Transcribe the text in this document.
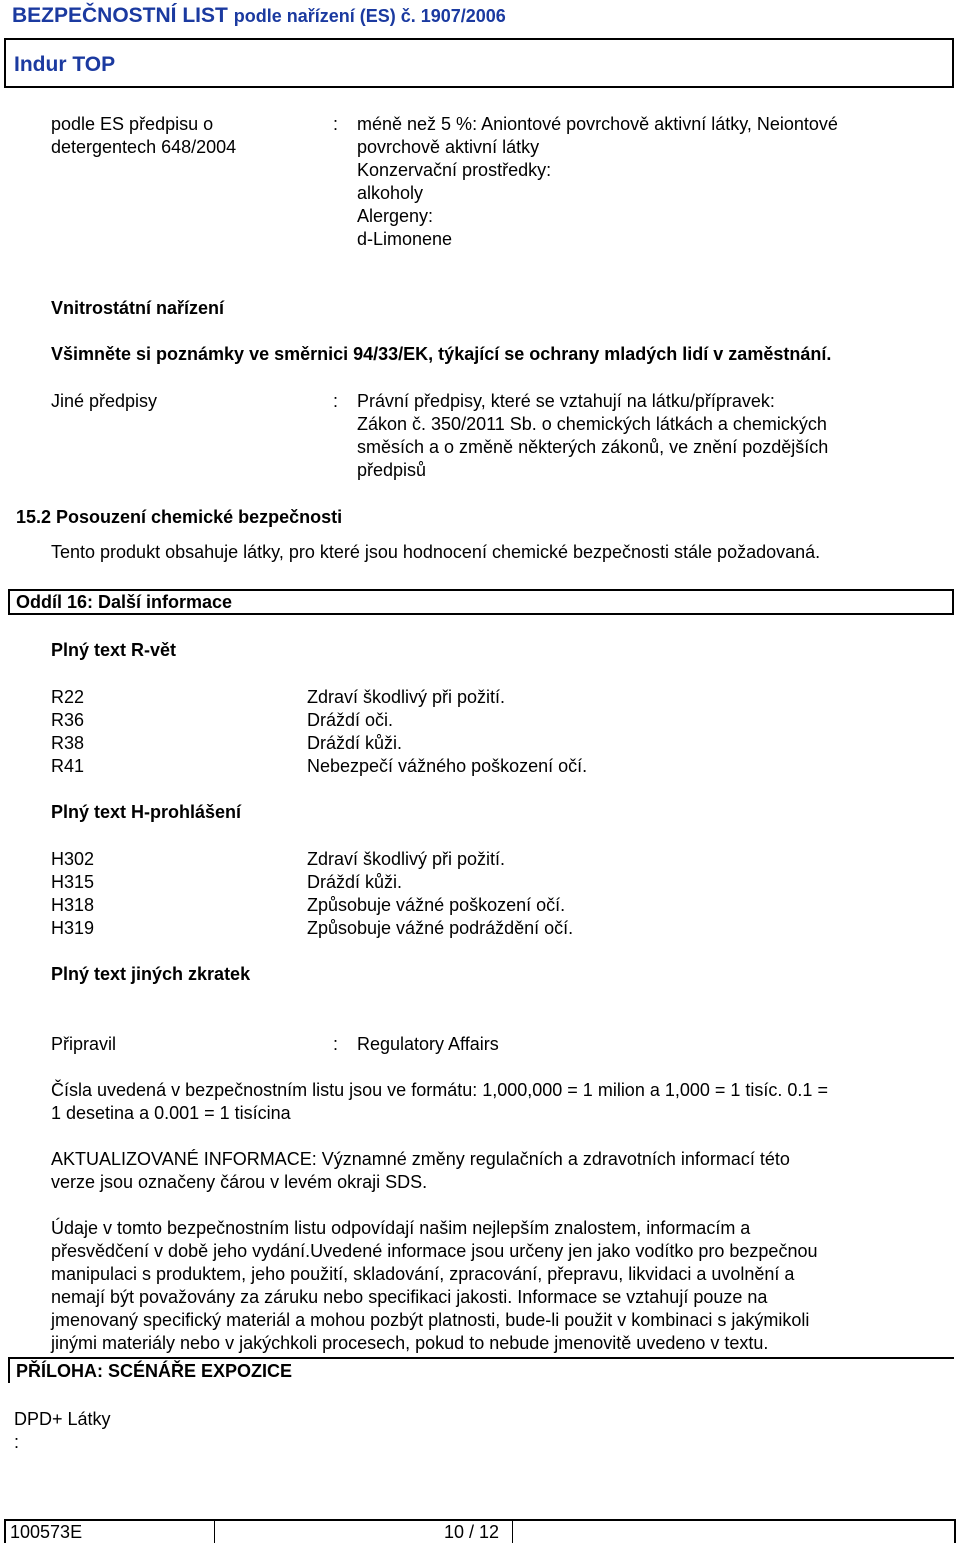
BEZPEČNOSTNÍ LIST podle nařízení (ES) č. 1907/2006
Indur TOP
podle ES předpisu o
detergentech 648/2004
: méně než 5 %: Aniontové povrchově aktivní látky, Neiontové
povrchově aktivní látky
Konzervační prostředky:
alkoholy
Alergeny:
d-Limonene
Vnitrostátní nařízení
Všimněte si poznámky ve směrnici 94/33/EK, týkající se ochrany mladých lidí v zaměstnání.
Jiné předpisy	: Právní předpisy, které se vztahují na látku/přípravek:
Zákon č. 350/2011 Sb. o chemických látkách a chemických
směsích a o změně některých zákonů, ve znění pozdějších
předpisů
15.2 Posouzení chemické bezpečnosti
Tento produkt obsahuje látky, pro které jsou hodnocení chemické bezpečnosti stále požadovaná.
Oddíl 16: Další informace
Plný text R-vět
R22	Zdraví škodlivý při požití.
R36	Dráždí oči.
R38	Dráždí kůži.
R41	Nebezpečí vážného poškození očí.
Plný text H-prohlášení
H302	Zdraví škodlivý při požití.
H315	Dráždí kůži.
H318	Způsobuje vážné poškození očí.
H319	Způsobuje vážné podráždění očí.
Plný text jiných zkratek
Připravil	: Regulatory Affairs
Čísla uvedená v bezpečnostním listu jsou ve formátu: 1,000,000 = 1 milion a 1,000 = 1 tisíc. 0.1 =
1 desetina a 0.001 = 1 tisícina
AKTUALIZOVANÉ INFORMACE: Významné změny regulačních a zdravotních informací této
verze jsou označeny čárou v levém okraji SDS.
Údaje v tomto bezpečnostním listu odpovídají našim nejlepším znalostem, informacím a
přesvědčení v době jeho vydání.Uvedené informace jsou určeny jen jako vodítko pro bezpečnou
manipulaci s produktem, jeho použití, skladování, zpracování, přepravu, likvidaci a uvolnění a
nemají být považovány za záruku nebo specifikaci jakosti. Informace se vztahují pouze na
jmenovaný specifický materiál a mohou pozbýt platnosti, bude-li použit v kombinaci s jakýmikoli
jinými materiály nebo v jakýchkoli procesech, pokud to nebude jmenovitě uvedeno v textu.
PŘÍLOHA: SCÉNÁŘE EXPOZICE
DPD+ Látky
:
100573E	10 / 12
